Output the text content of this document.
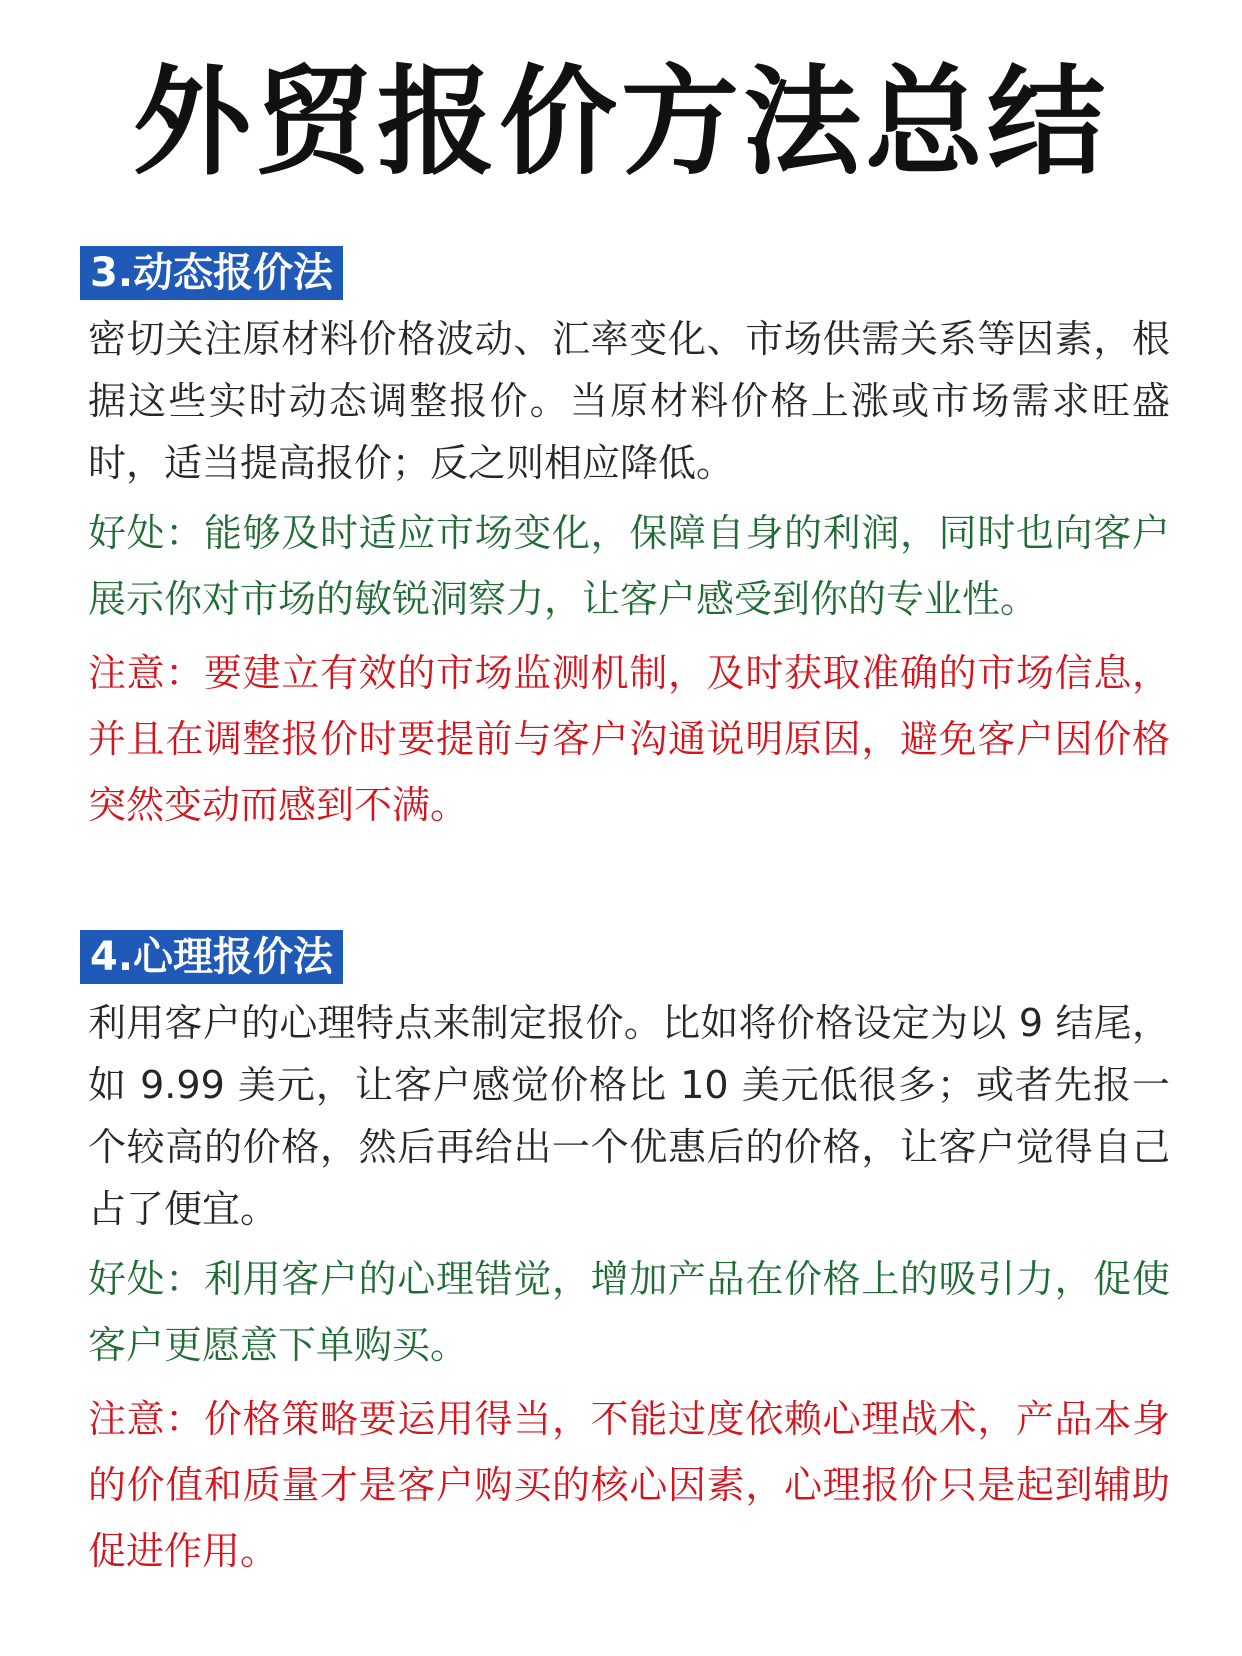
外贸报价方法总结
3.动态报价法

密切关注原材料价格波动、汇率变化、市场供需关系等因素，根据这些实时动态调整报价。当原材料价格上涨或市场需求旺盛时，适当提高报价；反之则相应降低。

好处：能够及时适应市场变化，保障自身的利润，同时也向客户展示你对市场的敏锐洞察力，让客户感受到你的专业性。

注意：要建立有效的市场监测机制，及时获取准确的市场信息，并且在调整报价时要提前与客户沟通说明原因，避免客户因价格突然变动而感到不满。

4.心理报价法

利用客户的心理特点来制定报价。比如将价格设定为以 9 结尾，如 9.99 美元，让客户感觉价格比 10 美元低很多；或者先报一个较高的价格，然后再给出一个优惠后的价格，让客户觉得自己占了便宜。

好处：利用客户的心理错觉，增加产品在价格上的吸引力，促使客户更愿意下单购买。

注意：价格策略要运用得当，不能过度依赖心理战术，产品本身的价值和质量才是客户购买的核心因素，心理报价只是起到辅助促进作用。
